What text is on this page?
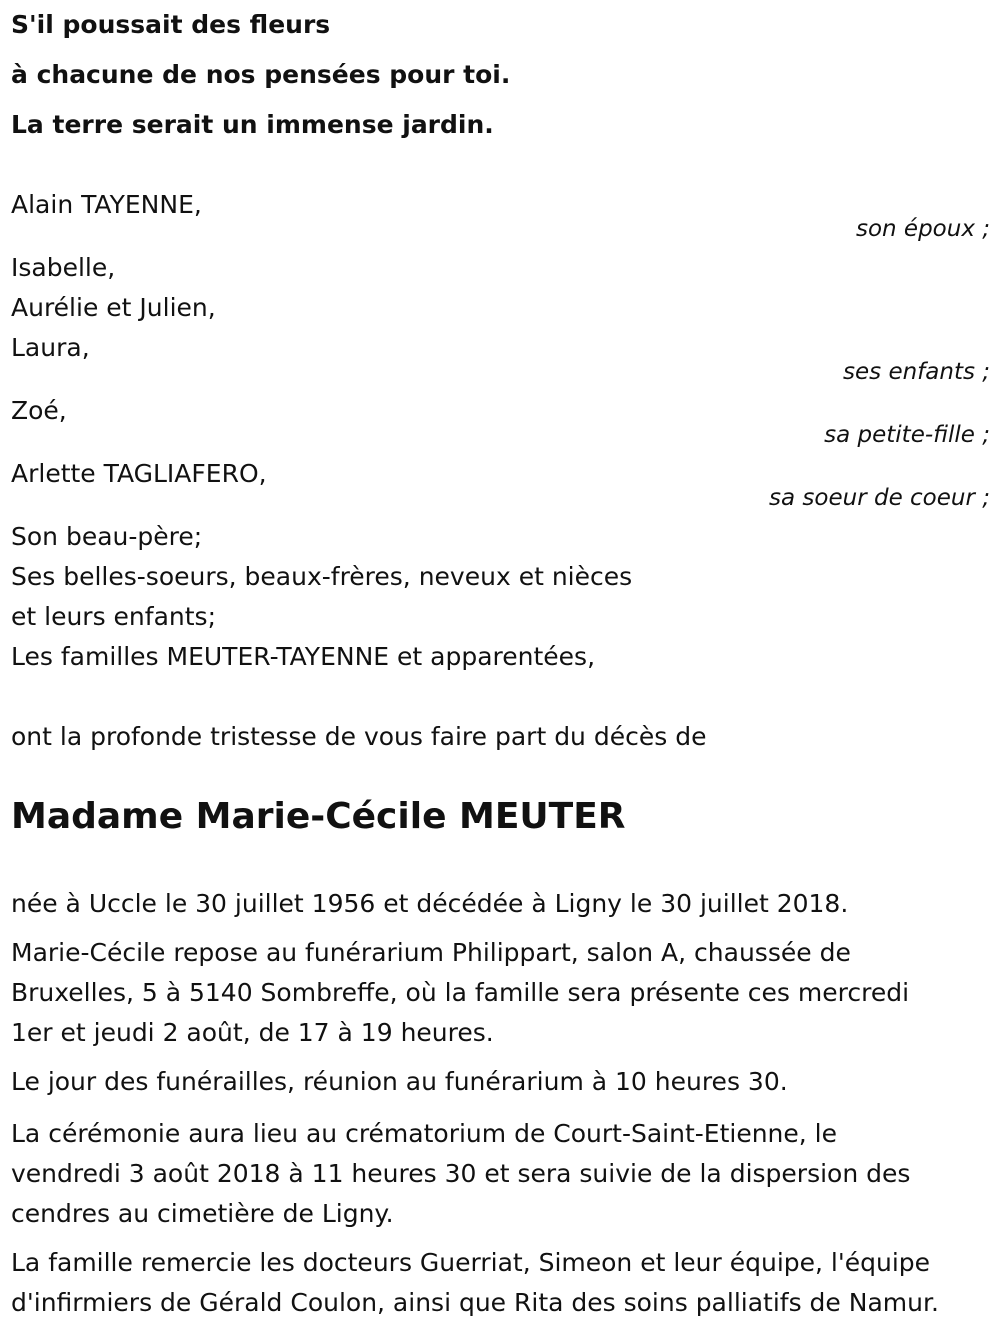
S'il poussait des fleurs
à chacune de nos pensées pour toi.
La terre serait un immense jardin.
Alain TAYENNE,
son époux ;
Isabelle,
Aurélie et Julien,
Laura,
ses enfants ;
Zoé,
sa petite-fille ;
Arlette TAGLIAFERO,
sa soeur de coeur ;
Son beau-père;
Ses belles-soeurs, beaux-frères, neveux et nièces
et leurs enfants;
Les familles MEUTER-TAYENNE et apparentées,
ont la profonde tristesse de vous faire part du décès de
Madame Marie-Cécile MEUTER
née à Uccle le 30 juillet 1956 et décédée à Ligny le 30 juillet 2018.
Marie-Cécile repose au funérarium Philippart, salon A, chaussée de
Bruxelles, 5 à 5140 Sombreffe, où la famille sera présente ces mercredi
1er et jeudi 2 août, de 17 à 19 heures.
Le jour des funérailles, réunion au funérarium à 10 heures 30.
La cérémonie aura lieu au crématorium de Court-Saint-Etienne, le
vendredi 3 août 2018 à 11 heures 30 et sera suivie de la dispersion des
cendres au cimetière de Ligny.
La famille remercie les docteurs Guerriat, Simeon et leur équipe, l'équipe
d'infirmiers de Gérald Coulon, ainsi que Rita des soins palliatifs de Namur.
